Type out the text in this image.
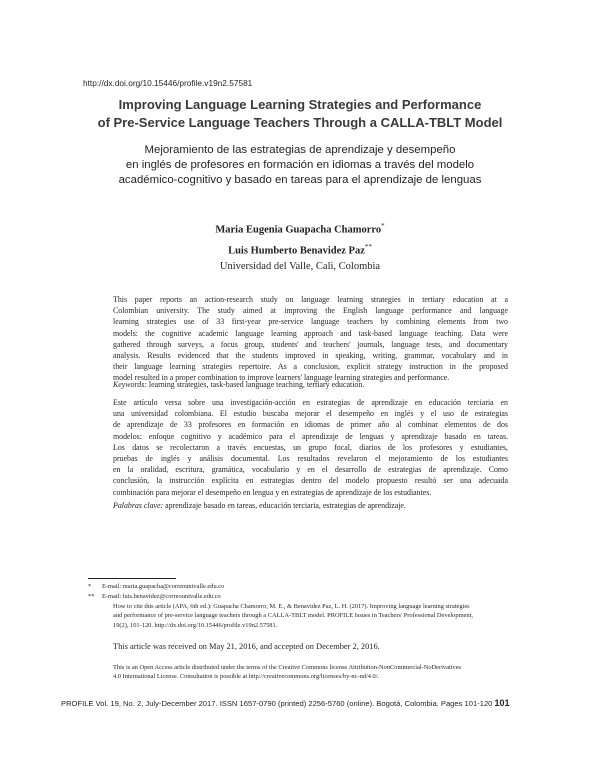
http://dx.doi.org/10.15446/profile.v19n2.57581
Improving Language Learning Strategies and Performance
of Pre-Service Language Teachers Through a CALLA-TBLT Model
Mejoramiento de las estrategias de aprendizaje y desempeño
en inglés de profesores en formación en idiomas a través del modelo
académico-cognitivo y basado en tareas para el aprendizaje de lenguas
Maria Eugenia Guapacha Chamorro*
Luis Humberto Benavidez Paz**
Universidad del Valle, Cali, Colombia
This paper reports an action-research study on language learning strategies in tertiary education at a
Colombian university. The study aimed at improving the English language performance and language
learning strategies use of 33 first-year pre-service language teachers by combining elements from two
models: the cognitive academic language learning approach and task-based language teaching. Data were
gathered through surveys, a focus group, students' and teachers' journals, language tests, and documentary
analysis. Results evidenced that the students improved in speaking, writing, grammar, vocabulary and in
their language learning strategies repertoire. As a conclusion, explicit strategy instruction in the proposed
model resulted in a proper combination to improve learners' language learning strategies and performance.
Keywords: learning strategies, task-based language teaching, tertiary education.
Este artículo versa sobre una investigación-acción en estrategias de aprendizaje en educación terciaria en
una universidad colombiana. El estudio buscaba mejorar el desempeño en inglés y el uso de estrategias
de aprendizaje de 33 profesores en formación en idiomas de primer año al combinar elementos de dos
modelos: enfoque cognitivo y académico para el aprendizaje de lenguas y aprendizaje basado en tareas.
Los datos se recolectaron a través encuestas, un grupo focal, diarios de los profesores y estudiantes,
pruebas de inglés y análisis documental. Los resultados revelaron el mejoramiento de los estudiantes
en la oralidad, escritura, gramática, vocabulario y en el desarrollo de estrategias de aprendizaje. Como
conclusión, la instrucción explícita en estrategias dentro del modelo propuesto resultó ser una adecuada
combinación para mejorar el desempeño en lengua y en estrategias de aprendizaje de los estudiantes.
Palabras clave: aprendizaje basado en tareas, educación terciaria, estrategias de aprendizaje.
* E-mail: maria.guapacha@correounivalle.edu.co
** E-mail: luis.benavidez@correounivalle.edu.co
How to cite this article (APA, 6th ed.): Guapacha Chamorro, M. E., & Benavidez Paz, L. H. (2017). Improving language learning strategies
and performance of pre-service language teachers through a CALLA-TBLT model. PROFILE Issues in Teachers' Professional Development,
19(2), 101-120. http://dx.doi.org/10.15446/profile.v19n2.57581.
This article was received on May 21, 2016, and accepted on December 2, 2016.
This is an Open Access article distributed under the terms of the Creative Commons license Attribution-NonCommercial-NoDerivatives
4.0 International License. Consultation is possible at http://creativecommons.org/licenses/by-nc-nd/4.0/.
PROFILE Vol. 19, No. 2, July-December 2017. ISSN 1657-0790 (printed) 2256-5760 (online). Bogotá, Colombia. Pages 101-120 101
